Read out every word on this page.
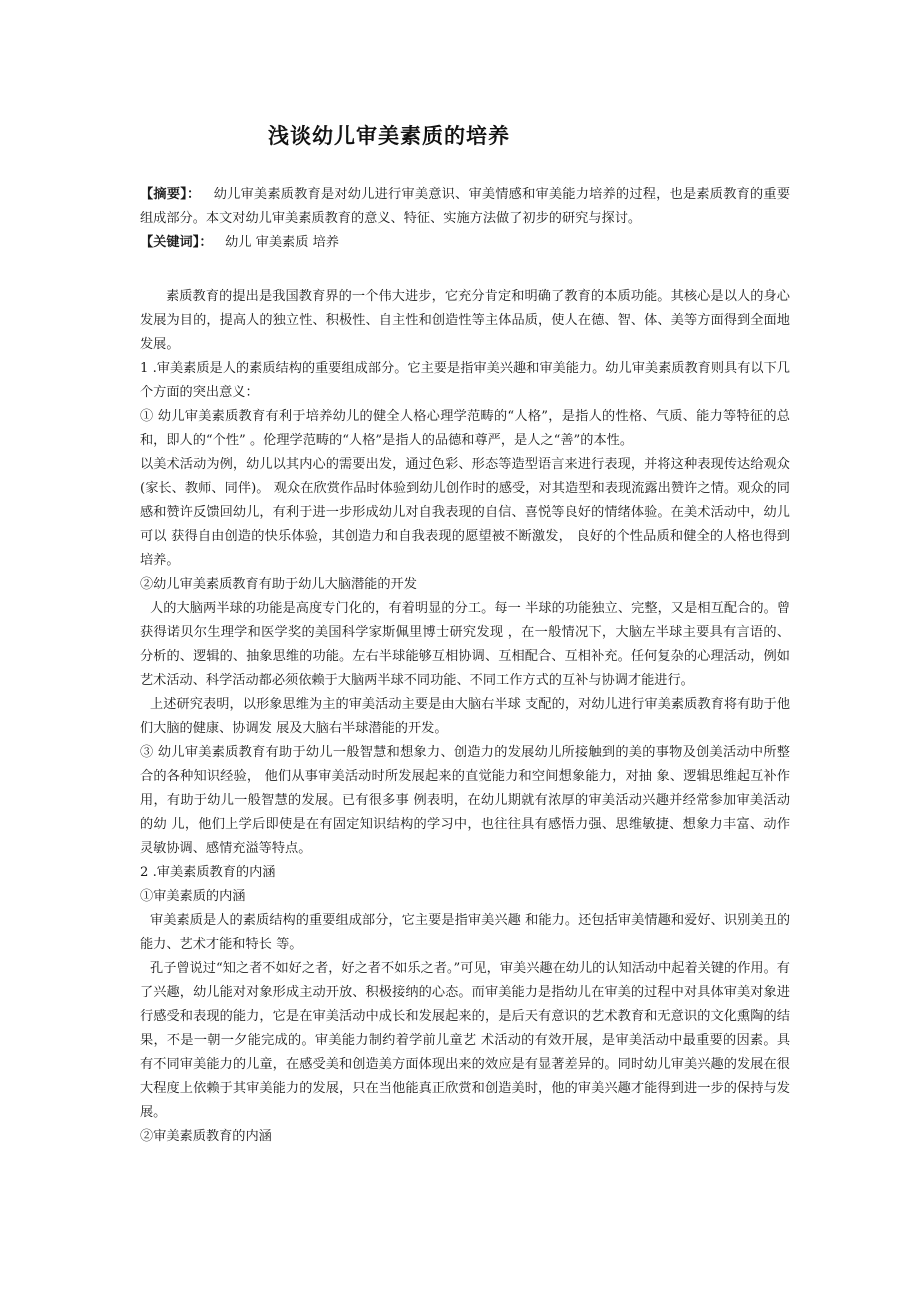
浅谈幼儿审美素质的培养

【摘要】： 幼儿审美素质教育是对幼儿进行审美意识、审美情感和审美能力培养的过程，也是素质教育的重要组成部分。本文对幼儿审美素质教育的意义、特征、实施方法做了初步的研究与探讨。

【关键词】： 幼儿 审美素质 培养

素质教育的提出是我国教育界的一个伟大进步，它充分肯定和明确了教育的本质功能。其核心是以人的身心发展为目的，提高人的独立性、积极性、自主性和创造性等主体品质，使人在德、智、体、美等方面得到全面地发展。

1 .审美素质是人的素质结构的重要组成部分。它主要是指审美兴趣和审美能力。幼儿审美素质教育则具有以下几个方面的突出意义：

① 幼儿审美素质教育有利于培养幼儿的健全人格心理学范畴的“人格”，是指人的性格、气质、能力等特征的总和，即人的“个性” 。伦理学范畴的“人格”是指人的品德和尊严，是人之“善”的本性。

以美术活动为例，幼儿以其内心的需要出发，通过色彩、形态等造型语言来进行表现，并将这种表现传达给观众(家长、教师、同伴)。 观众在欣赏作品时体验到幼儿创作时的感受，对其造型和表现流露出赞许之情。观众的同感和赞许反馈回幼儿，有利于进一步形成幼儿对自我表现的自信、喜悦等良好的情绪体验。在美术活动中，幼儿可以 获得自由创造的快乐体验，其创造力和自我表现的愿望被不断激发， 良好的个性品质和健全的人格也得到培养。

②幼儿审美素质教育有助于幼儿大脑潜能的开发

人的大脑两半球的功能是高度专门化的，有着明显的分工。每一 半球的功能独立、完整，又是相互配合的。曾获得诺贝尔生理学和医学奖的美国科学家斯佩里博士研究发现 ，在一般情况下，大脑左半球主要具有言语的、分析的、逻辑的、抽象思维的功能。左右半球能够互相协调、互相配合、互相补充。任何复杂的心理活动，例如艺术活动、科学活动都必须依赖于大脑两半球不同功能、不同工作方式的互补与协调才能进行。

上述研究表明，以形象思维为主的审美活动主要是由大脑右半球 支配的，对幼儿进行审美素质教育将有助于他们大脑的健康、协调发 展及大脑右半球潜能的开发。

③ 幼儿审美素质教育有助于幼儿一般智慧和想象力、创造力的发展幼儿所接触到的美的事物及创美活动中所整合的各种知识经验， 他们从事审美活动时所发展起来的直觉能力和空间想象能力，对抽 象、逻辑思维起互补作用，有助于幼儿一般智慧的发展。已有很多事 例表明，在幼儿期就有浓厚的审美活动兴趣并经常参加审美活动的幼 儿，他们上学后即使是在有固定知识结构的学习中，也往往具有感悟力强、思维敏捷、想象力丰富、动作灵敏协调、感情充溢等特点。

2 .审美素质教育的内涵

①审美素质的内涵

审美素质是人的素质结构的重要组成部分，它主要是指审美兴趣 和能力。还包括审美情趣和爱好、识别美丑的能力、艺术才能和特长 等。

孔子曾说过“知之者不如好之者，好之者不如乐之者。”可见，审美兴趣在幼儿的认知活动中起着关键的作用。有了兴趣，幼儿能对对象形成主动开放、积极接纳的心态。而审美能力是指幼儿在审美的过程中对具体审美对象进行感受和表现的能力，它是在审美活动中成长和发展起来的，是后天有意识的艺术教育和无意识的文化熏陶的结果，不是一朝一夕能完成的。审美能力制约着学前儿童艺 术活动的有效开展，是审美活动中最重要的因素。具有不同审美能力的儿童，在感受美和创造美方面体现出来的效应是有显著差异的。同时幼儿审美兴趣的发展在很大程度上依赖于其审美能力的发展，只在当他能真正欣赏和创造美时，他的审美兴趣才能得到进一步的保持与发展。

②审美素质教育的内涵
